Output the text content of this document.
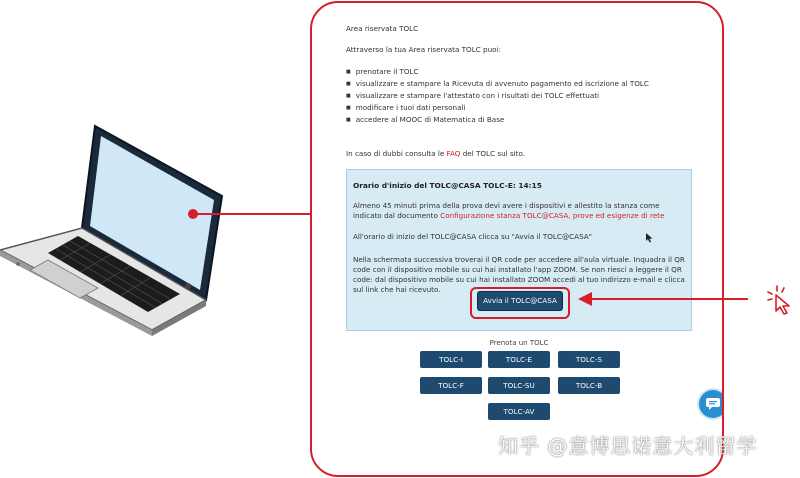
Area riservata TOLC
Attraverso la tua Area riservata TOLC puoi:
■ prenotare il TOLC
■ visualizzare e stampare la Ricevuta di avvenuto pagamento ed iscrizione al TOLC
■ visualizzare e stampare l'attestato con i risultati dei TOLC effettuati
■ modificare i tuoi dati personali
■ accedere al MOOC di Matematica di Base
In caso di dubbi consulta le FAQ del TOLC sul sito.
Orario d'inizio del TOLC@CASA TOLC-E: 14:15
Almeno 45 minuti prima della prova devi avere i dispositivi e allestito la stanza come indicato dal documento Configurazione stanza TOLC@CASA, prove ed esigenze di rete
All'orario di inizio del TOLC@CASA clicca su "Avvia il TOLC@CASA"
Nella schermata successiva troverai il QR code per accedere all'aula virtuale. Inquadra il QR code con il dispositivo mobile su cui hai installato l'app ZOOM. Se non riesci a leggere il QR code: dal dispositivo mobile su cui hai installato ZOOM accedi al tuo indirizzo e-mail e clicca sul link che hai ricevuto.
Avvia il TOLC@CASA
Prenota un TOLC
TOLC-I	TOLC-E	TOLC-S
TOLC-F	TOLC-SU	TOLC-B
TOLC-AV
知乎 @意博思诺意大利留学
